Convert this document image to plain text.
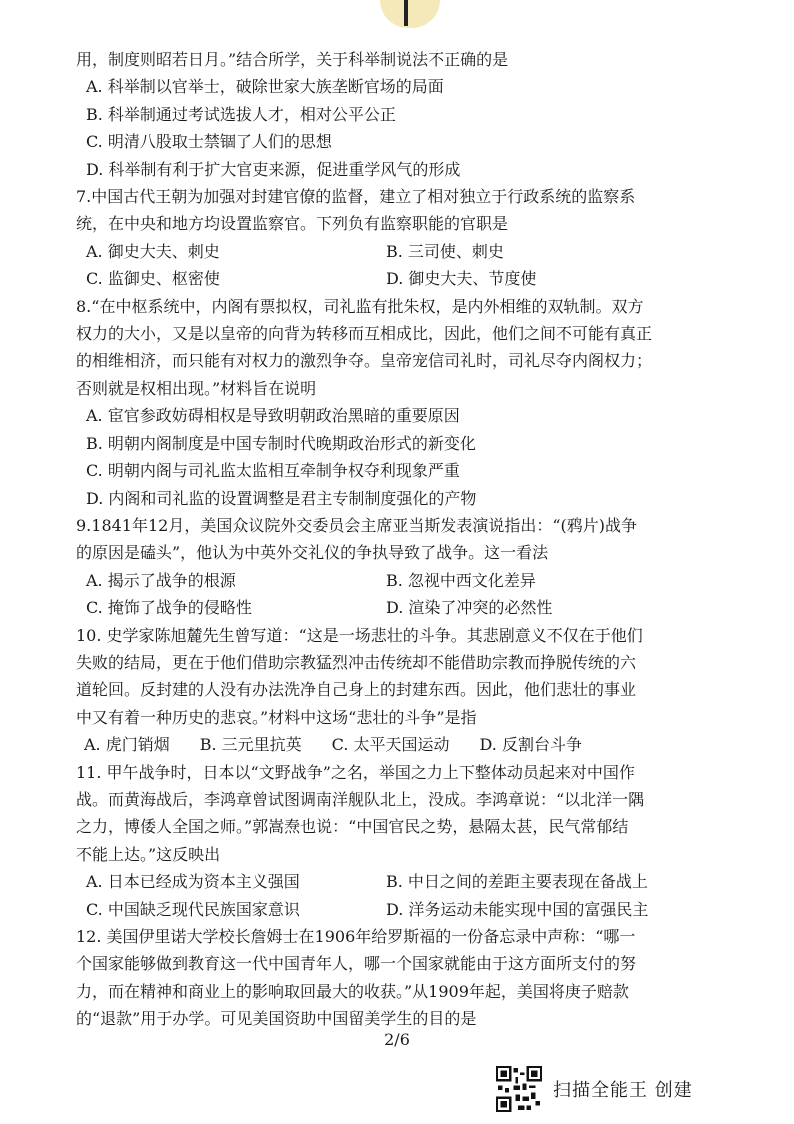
用，制度则昭若日月。”结合所学，关于科举制说法不正确的是
A. 科举制以官举士，破除世家大族垄断官场的局面
B. 科举制通过考试选拔人才，相对公平公正
C. 明清八股取士禁锢了人们的思想
D. 科举制有利于扩大官吏来源，促进重学风气的形成
7.中国古代王朝为加强对封建官僚的监督，建立了相对独立于行政系统的监察系
统，在中央和地方均设置监察官。下列负有监察职能的官职是
A. 御史大夫、刺史	B. 三司使、刺史
C. 监御史、枢密使	D. 御史大夫、节度使
8.“在中枢系统中，内阁有票拟权，司礼监有批朱权，是内外相维的双轨制。双方
权力的大小，又是以皇帝的向背为转移而互相成比，因此，他们之间不可能有真正
的相维相济，而只能有对权力的激烈争夺。皇帝宠信司礼时，司礼尽夺内阁权力；
否则就是权相出现。”材料旨在说明
A. 宦官参政妨碍相权是导致明朝政治黑暗的重要原因
B. 明朝内阁制度是中国专制时代晚期政治形式的新变化
C. 明朝内阁与司礼监太监相互牵制争权夺利现象严重
D. 内阁和司礼监的设置调整是君主专制制度强化的产物
9.1841年12月，美国众议院外交委员会主席亚当斯发表演说指出：“(鸦片)战争
的原因是磕头”，他认为中英外交礼仪的争执导致了战争。这一看法
A. 揭示了战争的根源	B. 忽视中西文化差异
C. 掩饰了战争的侵略性	D. 渲染了冲突的必然性
10. 史学家陈旭麓先生曾写道：“这是一场悲壮的斗争。其悲剧意义不仅在于他们
失败的结局，更在于他们借助宗教猛烈冲击传统却不能借助宗教而挣脱传统的六
道轮回。反封建的人没有办法洗净自己身上的封建东西。因此，他们悲壮的事业
中又有着一种历史的悲哀。”材料中这场“悲壮的斗争”是指
A. 虎门销烟 B. 三元里抗英 C. 太平天国运动 D. 反割台斗争
11. 甲午战争时，日本以“文野战争”之名，举国之力上下整体动员起来对中国作
战。而黄海战后，李鸿章曾试图调南洋舰队北上，没成。李鸿章说：“以北洋一隅
之力，博倭人全国之师。”郭嵩焘也说：“中国官民之势，悬隔太甚，民气常郁结
不能上达。”这反映出
A. 日本已经成为资本主义强国	B. 中日之间的差距主要表现在备战上
C. 中国缺乏现代民族国家意识	D. 洋务运动未能实现中国的富强民主
12. 美国伊里诺大学校长詹姆士在1906年给罗斯福的一份备忘录中声称：“哪一
个国家能够做到教育这一代中国青年人，哪一个国家就能由于这方面所支付的努
力，而在精神和商业上的影响取回最大的收获。”从1909年起，美国将庚子赔款
的“退款”用于办学。可见美国资助中国留美学生的目的是
2/6
扫描全能王 创建
